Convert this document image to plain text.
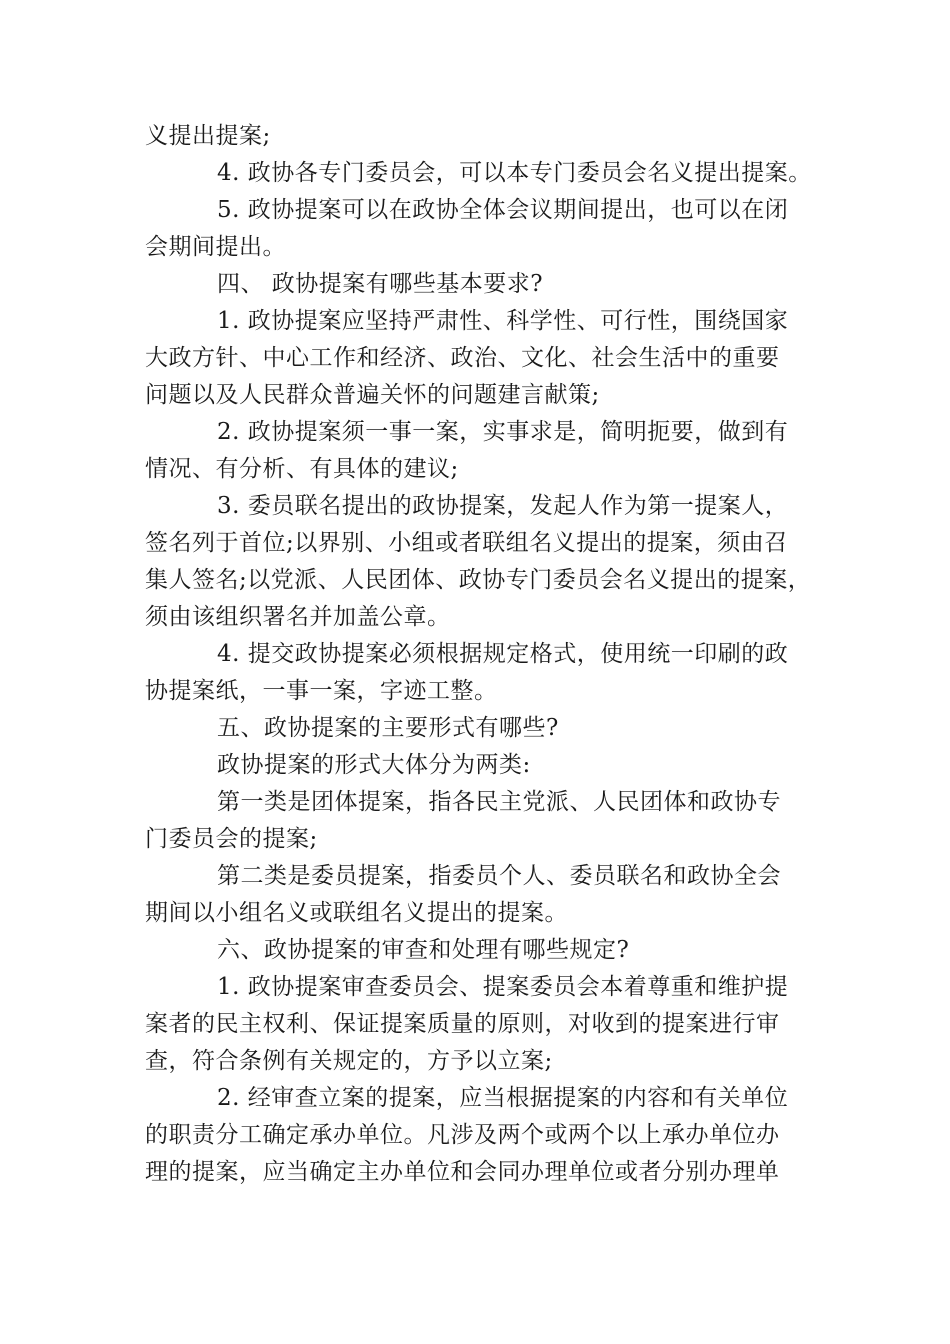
义提出提案;
4. 政协各专门委员会，可以本专门委员会名义提出提案。
5. 政协提案可以在政协全体会议期间提出，也可以在闭
会期间提出。
四、 政协提案有哪些基本要求?
1. 政协提案应坚持严肃性、科学性、可行性，围绕国家
大政方针、中心工作和经济、政治、文化、社会生活中的重要
问题以及人民群众普遍关怀的问题建言献策;
2. 政协提案须一事一案，实事求是，简明扼要，做到有
情况、有分析、有具体的建议;
3. 委员联名提出的政协提案，发起人作为第一提案人，
签名列于首位;以界别、小组或者联组名义提出的提案，须由召
集人签名;以党派、人民团体、政协专门委员会名义提出的提案，
须由该组织署名并加盖公章。
4. 提交政协提案必须根据规定格式，使用统一印刷的政
协提案纸，一事一案，字迹工整。
五、政协提案的主要形式有哪些?
政协提案的形式大体分为两类:
第一类是团体提案，指各民主党派、人民团体和政协专
门委员会的提案;
第二类是委员提案，指委员个人、委员联名和政协全会
期间以小组名义或联组名义提出的提案。
六、政协提案的审查和处理有哪些规定?
1. 政协提案审查委员会、提案委员会本着尊重和维护提
案者的民主权利、保证提案质量的原则，对收到的提案进行审
查，符合条例有关规定的，方予以立案;
2. 经审查立案的提案，应当根据提案的内容和有关单位
的职责分工确定承办单位。凡涉及两个或两个以上承办单位办
理的提案，应当确定主办单位和会同办理单位或者分别办理单
